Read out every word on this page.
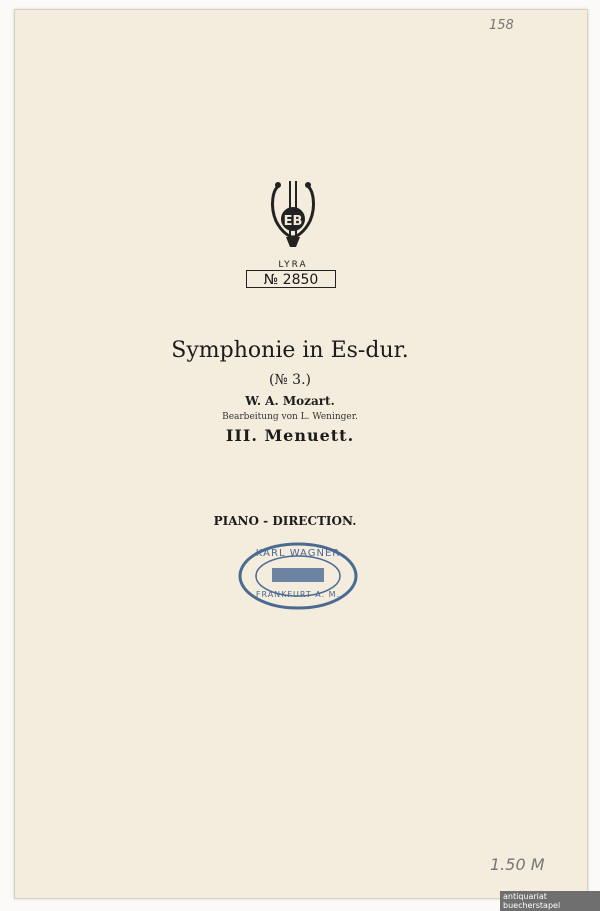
158
EB
LYRA
№ 2850
Symphonie in Es-dur.
(№ 3.)
W. A. Mozart.
Bearbeitung von L. Weninger.
III. Menuett.
PIANO - DIRECTION.
KARL WAGNER
FRANKFURT A. M.
1.50 M
antiquariat
buecherstapel
